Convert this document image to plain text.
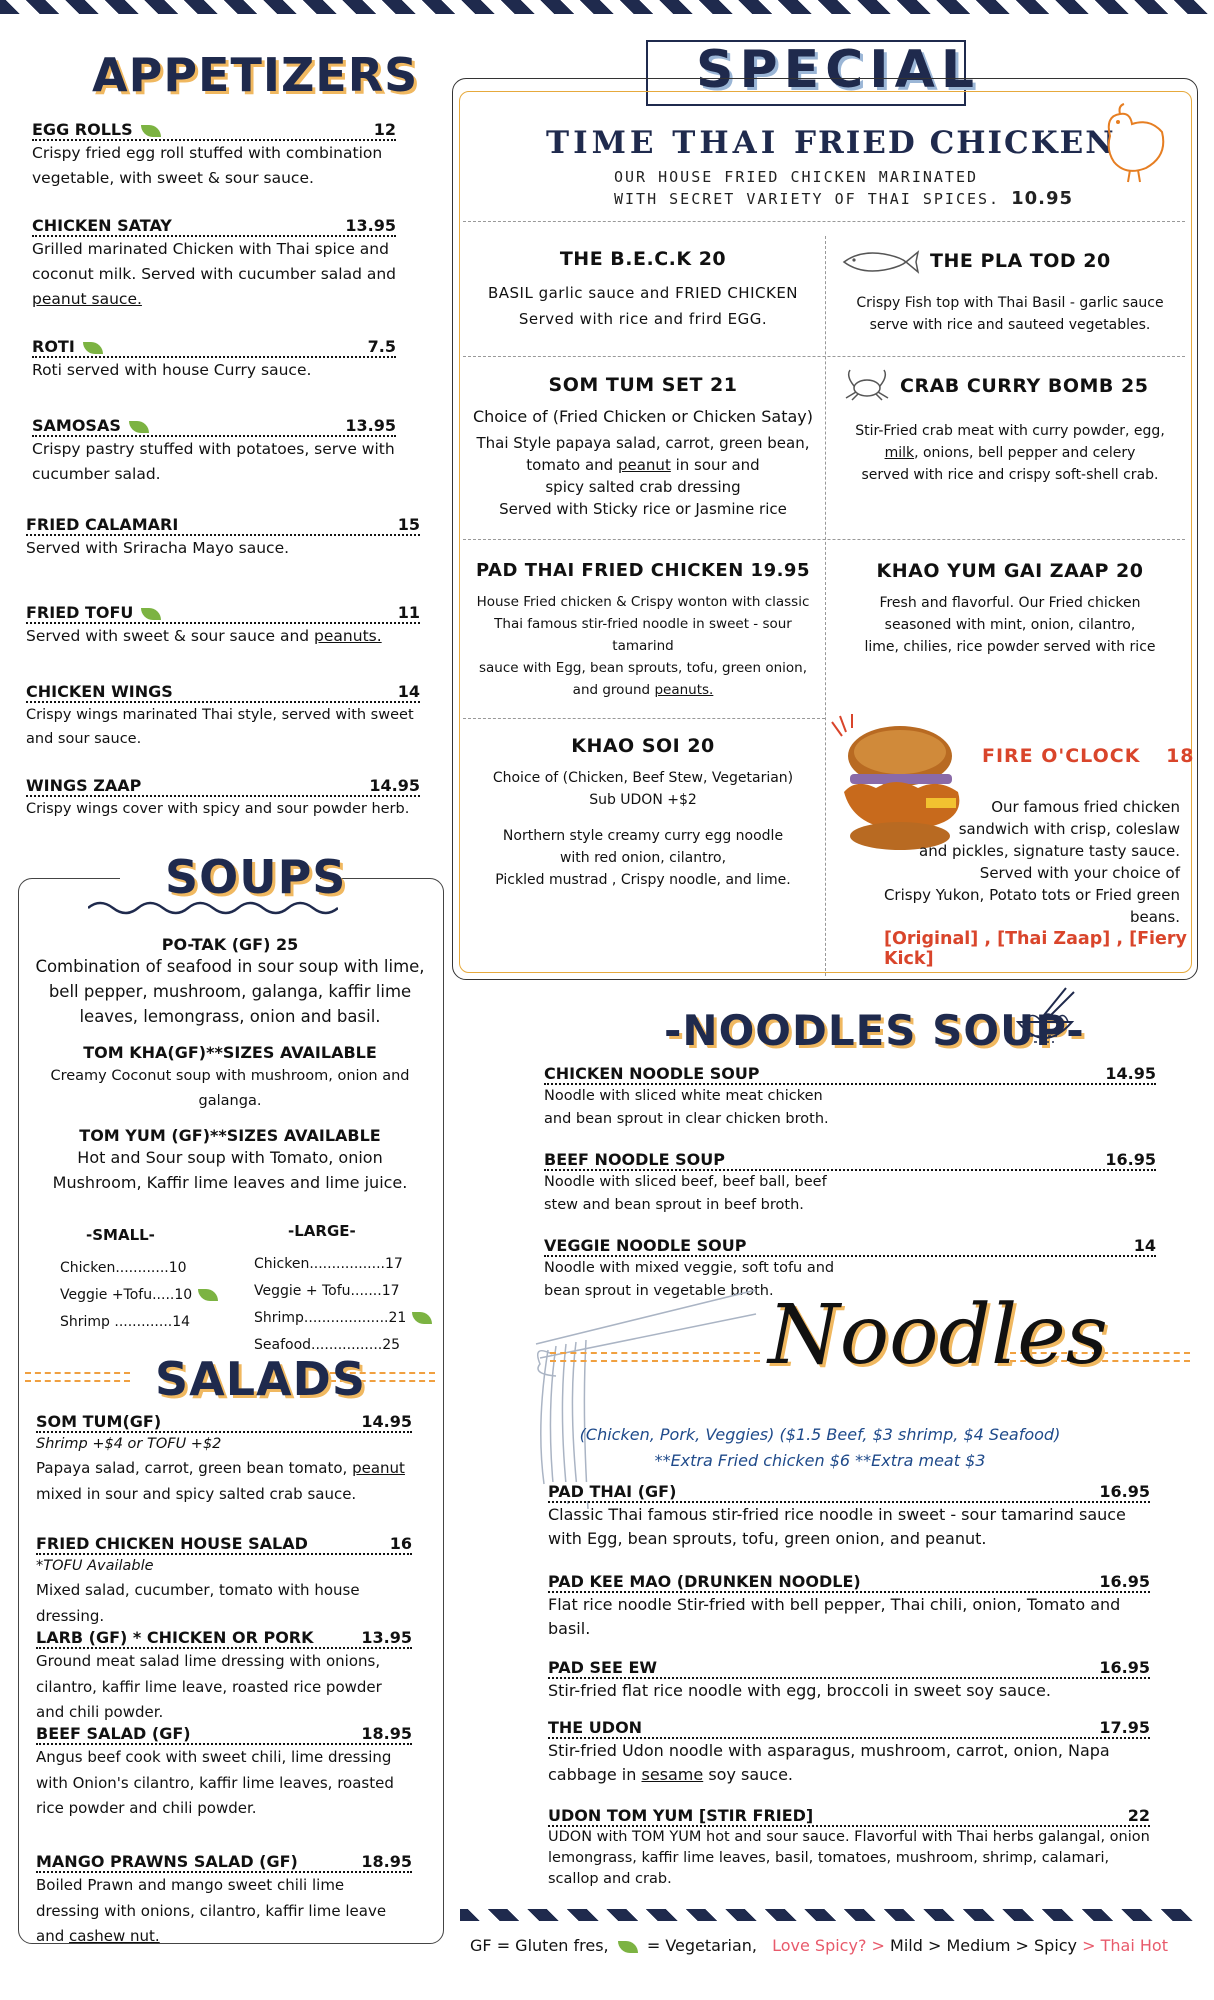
APPETIZERS
12
EGG ROLLS
Crispy fried egg roll stuffed with combination vegetable, with sweet & sour sauce.
13.95
CHICKEN SATAY
Grilled marinated Chicken with Thai spice and coconut milk. Served with cucumber salad and peanut sauce.
7.5
ROTI
Roti served with house Curry sauce.
13.95
SAMOSAS
Crispy pastry stuffed with potatoes, serve with cucumber salad.
15
FRIED CALAMARI
Served with Sriracha Mayo sauce.
11
FRIED TOFU
Served with sweet & sour sauce and peanuts.
14
CHICKEN WINGS
Crispy wings marinated Thai style, served with sweet and sour sauce.
14.95
WINGS ZAAP
Crispy wings cover with spicy and sour powder herb.
SOUPS
PO-TAK (GF) 25
Combination of seafood in sour soup with lime, bell pepper, mushroom, galanga, kaffir lime leaves, lemongrass, onion and basil.
TOM KHA(GF)**SIZES AVAILABLE
Creamy Coconut soup with mushroom, onion and galanga.
TOM YUM (GF)**SIZES AVAILABLE
Hot and Sour soup with Tomato, onion Mushroom, Kaffir lime leaves and lime juice.
-SMALL-	-LARGE-
Chicken............10
Veggie +Tofu.....10
Shrimp .............14
Chicken.................17
Veggie + Tofu.......17
Shrimp...................21
Seafood................25
SALADS
14.95
SOM TUM(GF)
Shrimp +$4 or TOFU +$2
Papaya salad, carrot, green bean tomato, peanut mixed in sour and spicy salted crab sauce.
16
FRIED CHICKEN HOUSE SALAD
*TOFU Available
Mixed salad, cucumber, tomato with house dressing.
13.95
LARB (GF) * CHICKEN OR PORK
Ground meat salad lime dressing with onions, cilantro, kaffir lime leave, roasted rice powder and chili powder.
18.95
BEEF SALAD (GF)
Angus beef cook with sweet chili, lime dressing with Onion's cilantro, kaffir lime leaves, roasted rice powder and chili powder.
18.95
MANGO PRAWNS SALAD (GF)
Boiled Prawn and mango sweet chili lime dressing with onions, cilantro, kaffir lime leave and cashew nut.
SPECIAL
TIME THAI FRIED CHICKEN
OUR HOUSE FRIED CHICKEN MARINATED
WITH SECRET VARIETY OF THAI SPICES. 10.95
THE B.E.C.K 20
BASIL garlic sauce and FRIED CHICKEN
Served with rice and frird EGG.
THE PLA TOD 20
Crispy Fish top with Thai Basil - garlic sauce
serve with rice and sauteed vegetables.
SOM TUM SET 21
Choice of (Fried Chicken or Chicken Satay)
Thai Style papaya salad, carrot, green bean,
tomato and peanut in sour and
spicy salted crab dressing
Served with Sticky rice or Jasmine rice
CRAB CURRY BOMB 25
Stir-Fried crab meat with curry powder, egg,
milk, onions, bell pepper and celery
served with rice and crispy soft-shell crab.
PAD THAI FRIED CHICKEN 19.95
House Fried chicken & Crispy wonton with classic
Thai famous stir-fried noodle in sweet - sour tamarind
sauce with Egg, bean sprouts, tofu, green onion,
and ground peanuts.
KHAO YUM GAI ZAAP 20
Fresh and flavorful. Our Fried chicken
seasoned with mint, onion, cilantro,
lime, chilies, rice powder served with rice
KHAO SOI 20
Choice of (Chicken, Beef Stew, Vegetarian)
Sub UDON +$2
Northern style creamy curry egg noodle
with red onion, cilantro,
Pickled mustrad , Crispy noodle, and lime.
FIRE O'CLOCK 18
Our famous fried chicken
sandwich with crisp, coleslaw
and pickles, signature tasty sauce.
Served with your choice of
Crispy Yukon, Potato tots or Fried green beans.
[Original] , [Thai Zaap] , [Fiery Kick]
-NOODLES SOUP-
14.95
CHICKEN NOODLE SOUP
Noodle with sliced white meat chicken and bean sprout in clear chicken broth.
16.95
BEEF NOODLE SOUP
Noodle with sliced beef, beef ball, beef stew and bean sprout in beef broth.
14
VEGGIE NOODLE SOUP
Noodle with mixed veggie, soft tofu and bean sprout in vegetable broth.
Noodles
(Chicken, Pork, Veggies) ($1.5 Beef, $3 shrimp, $4 Seafood)
**Extra Fried chicken $6 **Extra meat $3
16.95
PAD THAI (GF)
Classic Thai famous stir-fried rice noodle in sweet - sour tamarind sauce with Egg, bean sprouts, tofu, green onion, and peanut.
16.95
PAD KEE MAO (DRUNKEN NOODLE)
Flat rice noodle Stir-fried with bell pepper, Thai chili, onion, Tomato and basil.
16.95
PAD SEE EW
Stir-fried flat rice noodle with egg, broccoli in sweet soy sauce.
17.95
THE UDON
Stir-fried Udon noodle with asparagus, mushroom, carrot, onion, Napa cabbage in sesame soy sauce.
22
UDON TOM YUM [STIR FRIED]
UDON with TOM YUM hot and sour sauce. Flavorful with Thai herbs galangal, onion lemongrass, kaffir lime leaves, basil, tomatoes, mushroom, shrimp, calamari, scallop and crab.
GF = Gluten fres, = Vegetarian, Love Spicy? > Mild > Medium > Spicy > Thai Hot
